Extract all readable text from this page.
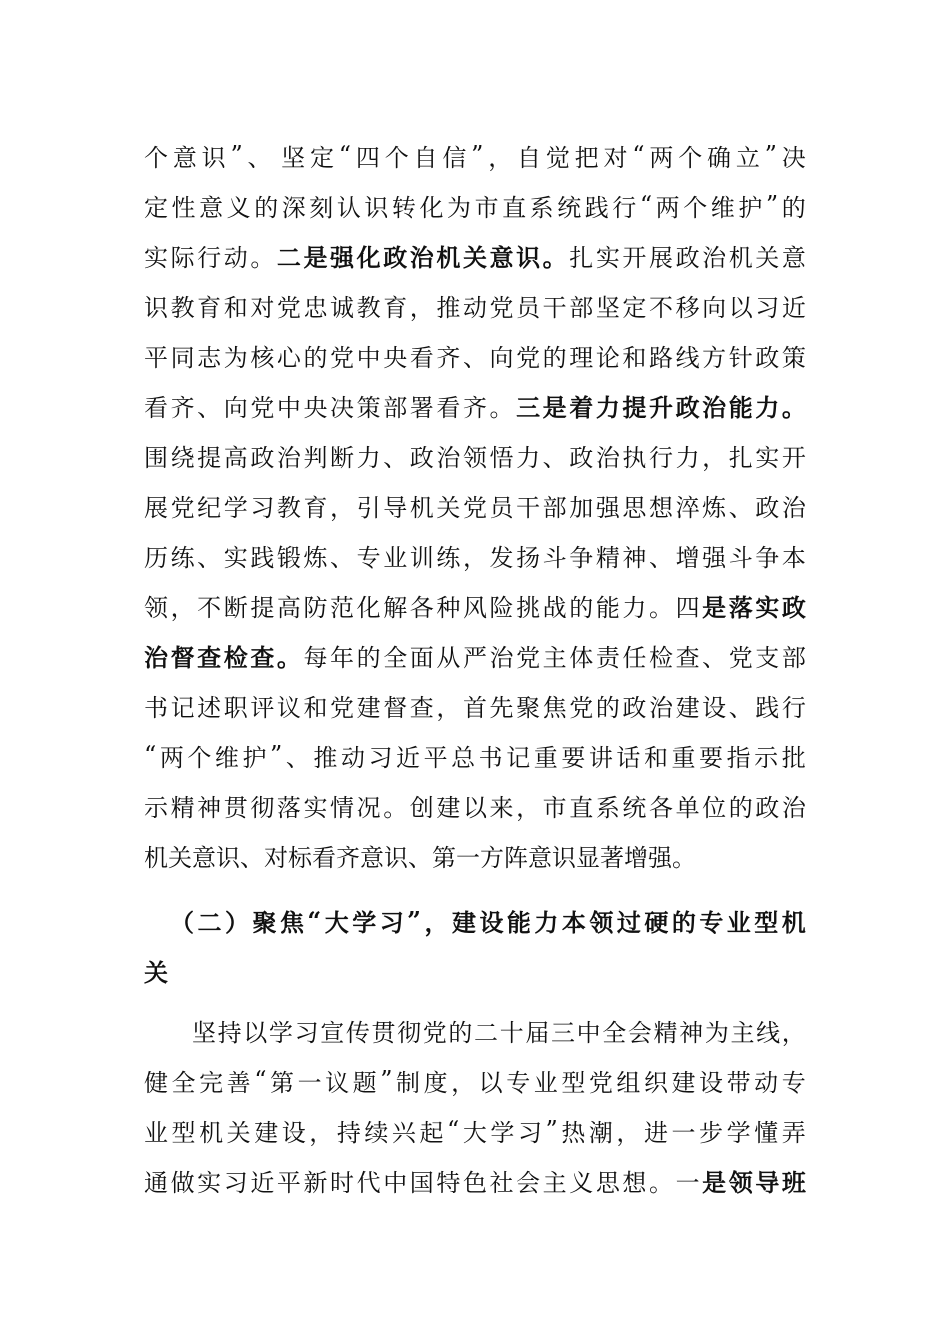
个 意 识 ” 、 坚 定 “ 四 个 自 信 ” ， 自 觉 把 对 “ 两 个 确 立 ” 决
定 性 意 义 的 深 刻 认 识 转 化 为 市 直 系 统 践 行 “ 两 个 维 护 ” 的
实 际 行 动 。 二 是 强 化 政 治 机 关 意 识 。 扎 实 开 展 政 治 机 关 意
识 教 育 和 对 党 忠 诚 教 育 ， 推 动 党 员 干 部 坚 定 不 移 向 以 习 近
平 同 志 为 核 心 的 党 中 央 看 齐 、 向 党 的 理 论 和 路 线 方 针 政 策
看 齐 、 向 党 中 央 决 策 部 署 看 齐 。 三 是 着 力 提 升 政 治 能 力 。
围 绕 提 高 政 治 判 断 力 、 政 治 领 悟 力 、 政 治 执 行 力 ， 扎 实 开
展 党 纪 学 习 教 育 ， 引 导 机 关 党 员 干 部 加 强 思 想 淬 炼 、 政 治
历 练 、 实 践 锻 炼 、 专 业 训 练 ， 发 扬 斗 争 精 神 、 增 强 斗 争 本
领 ， 不 断 提 高 防 范 化 解 各 种 风 险 挑 战 的 能 力 。 四 是 落 实 政
治 督 查 检 查 。 每 年 的 全 面 从 严 治 党 主 体 责 任 检 查 、 党 支 部
书 记 述 职 评 议 和 党 建 督 查 ， 首 先 聚 焦 党 的 政 治 建 设 、 践 行
“ 两 个 维 护 ” 、 推 动 习 近 平 总 书 记 重 要 讲 话 和 重 要 指 示 批
示 精 神 贯 彻 落 实 情 况 。 创 建 以 来 ， 市 直 系 统 各 单 位 的 政 治
机 关 意 识 、 对 标 看 齐 意 识 、 第 一 方 阵 意 识 显 著 增 强 。
（ 二 ） 聚 焦 “ 大 学 习 ” ， 建 设 能 力 本 领 过 硬 的 专 业 型 机
关
坚 持 以 学 习 宣 传 贯 彻 党 的 二 十 届 三 中 全 会 精 神 为 主 线 ，
健 全 完 善 “ 第 一 议 题 ” 制 度 ， 以 专 业 型 党 组 织 建 设 带 动 专
业 型 机 关 建 设 ， 持 续 兴 起 “ 大 学 习 ” 热 潮 ， 进 一 步 学 懂 弄
通 做 实 习 近 平 新 时 代 中 国 特 色 社 会 主 义 思 想 。 一 是 领 导 班
